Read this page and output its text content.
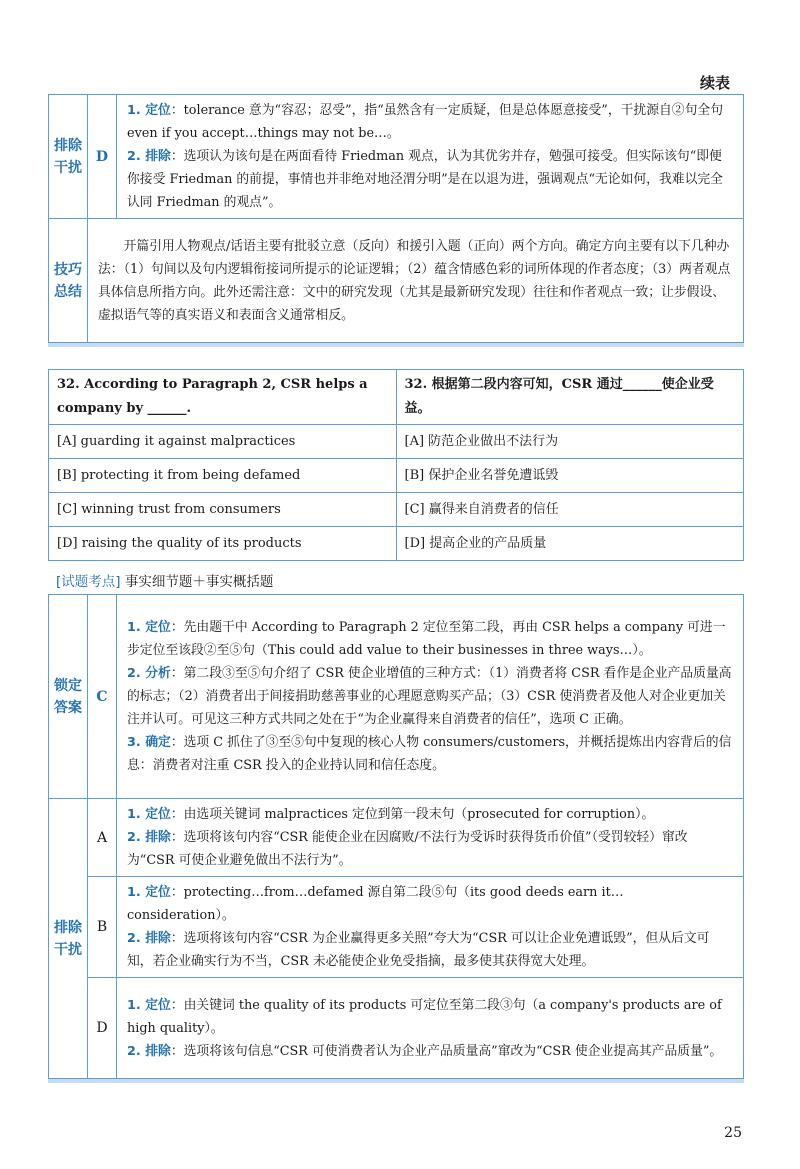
续表
排除干扰	D	1. 定位：tolerance 意为“容忍；忍受”，指“虽然含有一定质疑，但是总体愿意接受”，干扰源自②句全句 even if you accept…things may not be…。
2. 排除：选项认为该句是在两面看待 Friedman 观点，认为其优劣并存，勉强可接受。但实际该句“即便你接受 Friedman 的前提，事情也并非绝对地泾渭分明”是在以退为进，强调观点“无论如何，我难以完全认同 Friedman 的观点”。

技巧总结	开篇引用人物观点/话语主要有批驳立意（反向）和援引入题（正向）两个方向。确定方向主要有以下几种办法：（1）句间以及句内逻辑衔接词所提示的论证逻辑；（2）蕴含情感色彩的词所体现的作者态度；（3）两者观点具体信息所指方向。此外还需注意：文中的研究发现（尤其是最新研究发现）往往和作者观点一致；让步假设、虚拟语气等的真实语义和表面含义通常相反。	
32. According to Paragraph 2, CSR helps a company by ______.	32. 根据第二段内容可知，CSR 通过______使企业受益。
[A] guarding it against malpractices	[A] 防范企业做出不法行为
[B] protecting it from being defamed	[B] 保护企业名誉免遭诋毁
[C] winning trust from consumers	[C] 赢得来自消费者的信任
[D] raising the quality of its products	[D] 提高企业的产品质量
[试题考点] 事实细节题＋事实概括题
锁定答案	C	1. 定位：先由题干中 According to Paragraph 2 定位至第二段，再由 CSR helps a company 可进一步定位至该段②至⑤句（This could add value to their businesses in three ways…）。
2. 分析：第二段③至⑤句介绍了 CSR 使企业增值的三种方式：（1）消费者将 CSR 看作是企业产品质量高的标志；（2）消费者出于间接捐助慈善事业的心理愿意购买产品；（3）CSR 使消费者及他人对企业更加关注并认可。可见这三种方式共同之处在于“为企业赢得来自消费者的信任”，选项 C 正确。
3. 确定：选项 C 抓住了③至⑤句中复现的核心人物 consumers/customers，并概括提炼出内容背后的信息：消费者对注重 CSR 投入的企业持认同和信任态度。

排除干扰	A	1. 定位：由选项关键词 malpractices 定位到第一段末句（prosecuted for corruption）。
2. 排除：选项将该句内容“CSR 能使企业在因腐败/不法行为受诉时获得货币价值”（受罚较轻）窜改为“CSR 可使企业避免做出不法行为”。

	B	1. 定位：protecting…from…defamed 源自第二段⑤句（its good deeds earn it… consideration）。
2. 排除：选项将该句内容“CSR 为企业赢得更多关照”夸大为“CSR 可以让企业免遭诋毁”，但从后文可知，若企业确实行为不当，CSR 未必能使企业免受指摘，最多使其获得宽大处理。

	D	1. 定位：由关键词 the quality of its products 可定位至第二段③句（a company's products are of high quality）。
2. 排除：选项将该句信息“CSR 可使消费者认为企业产品质量高”窜改为“CSR 使企业提高其产品质量”。
25
